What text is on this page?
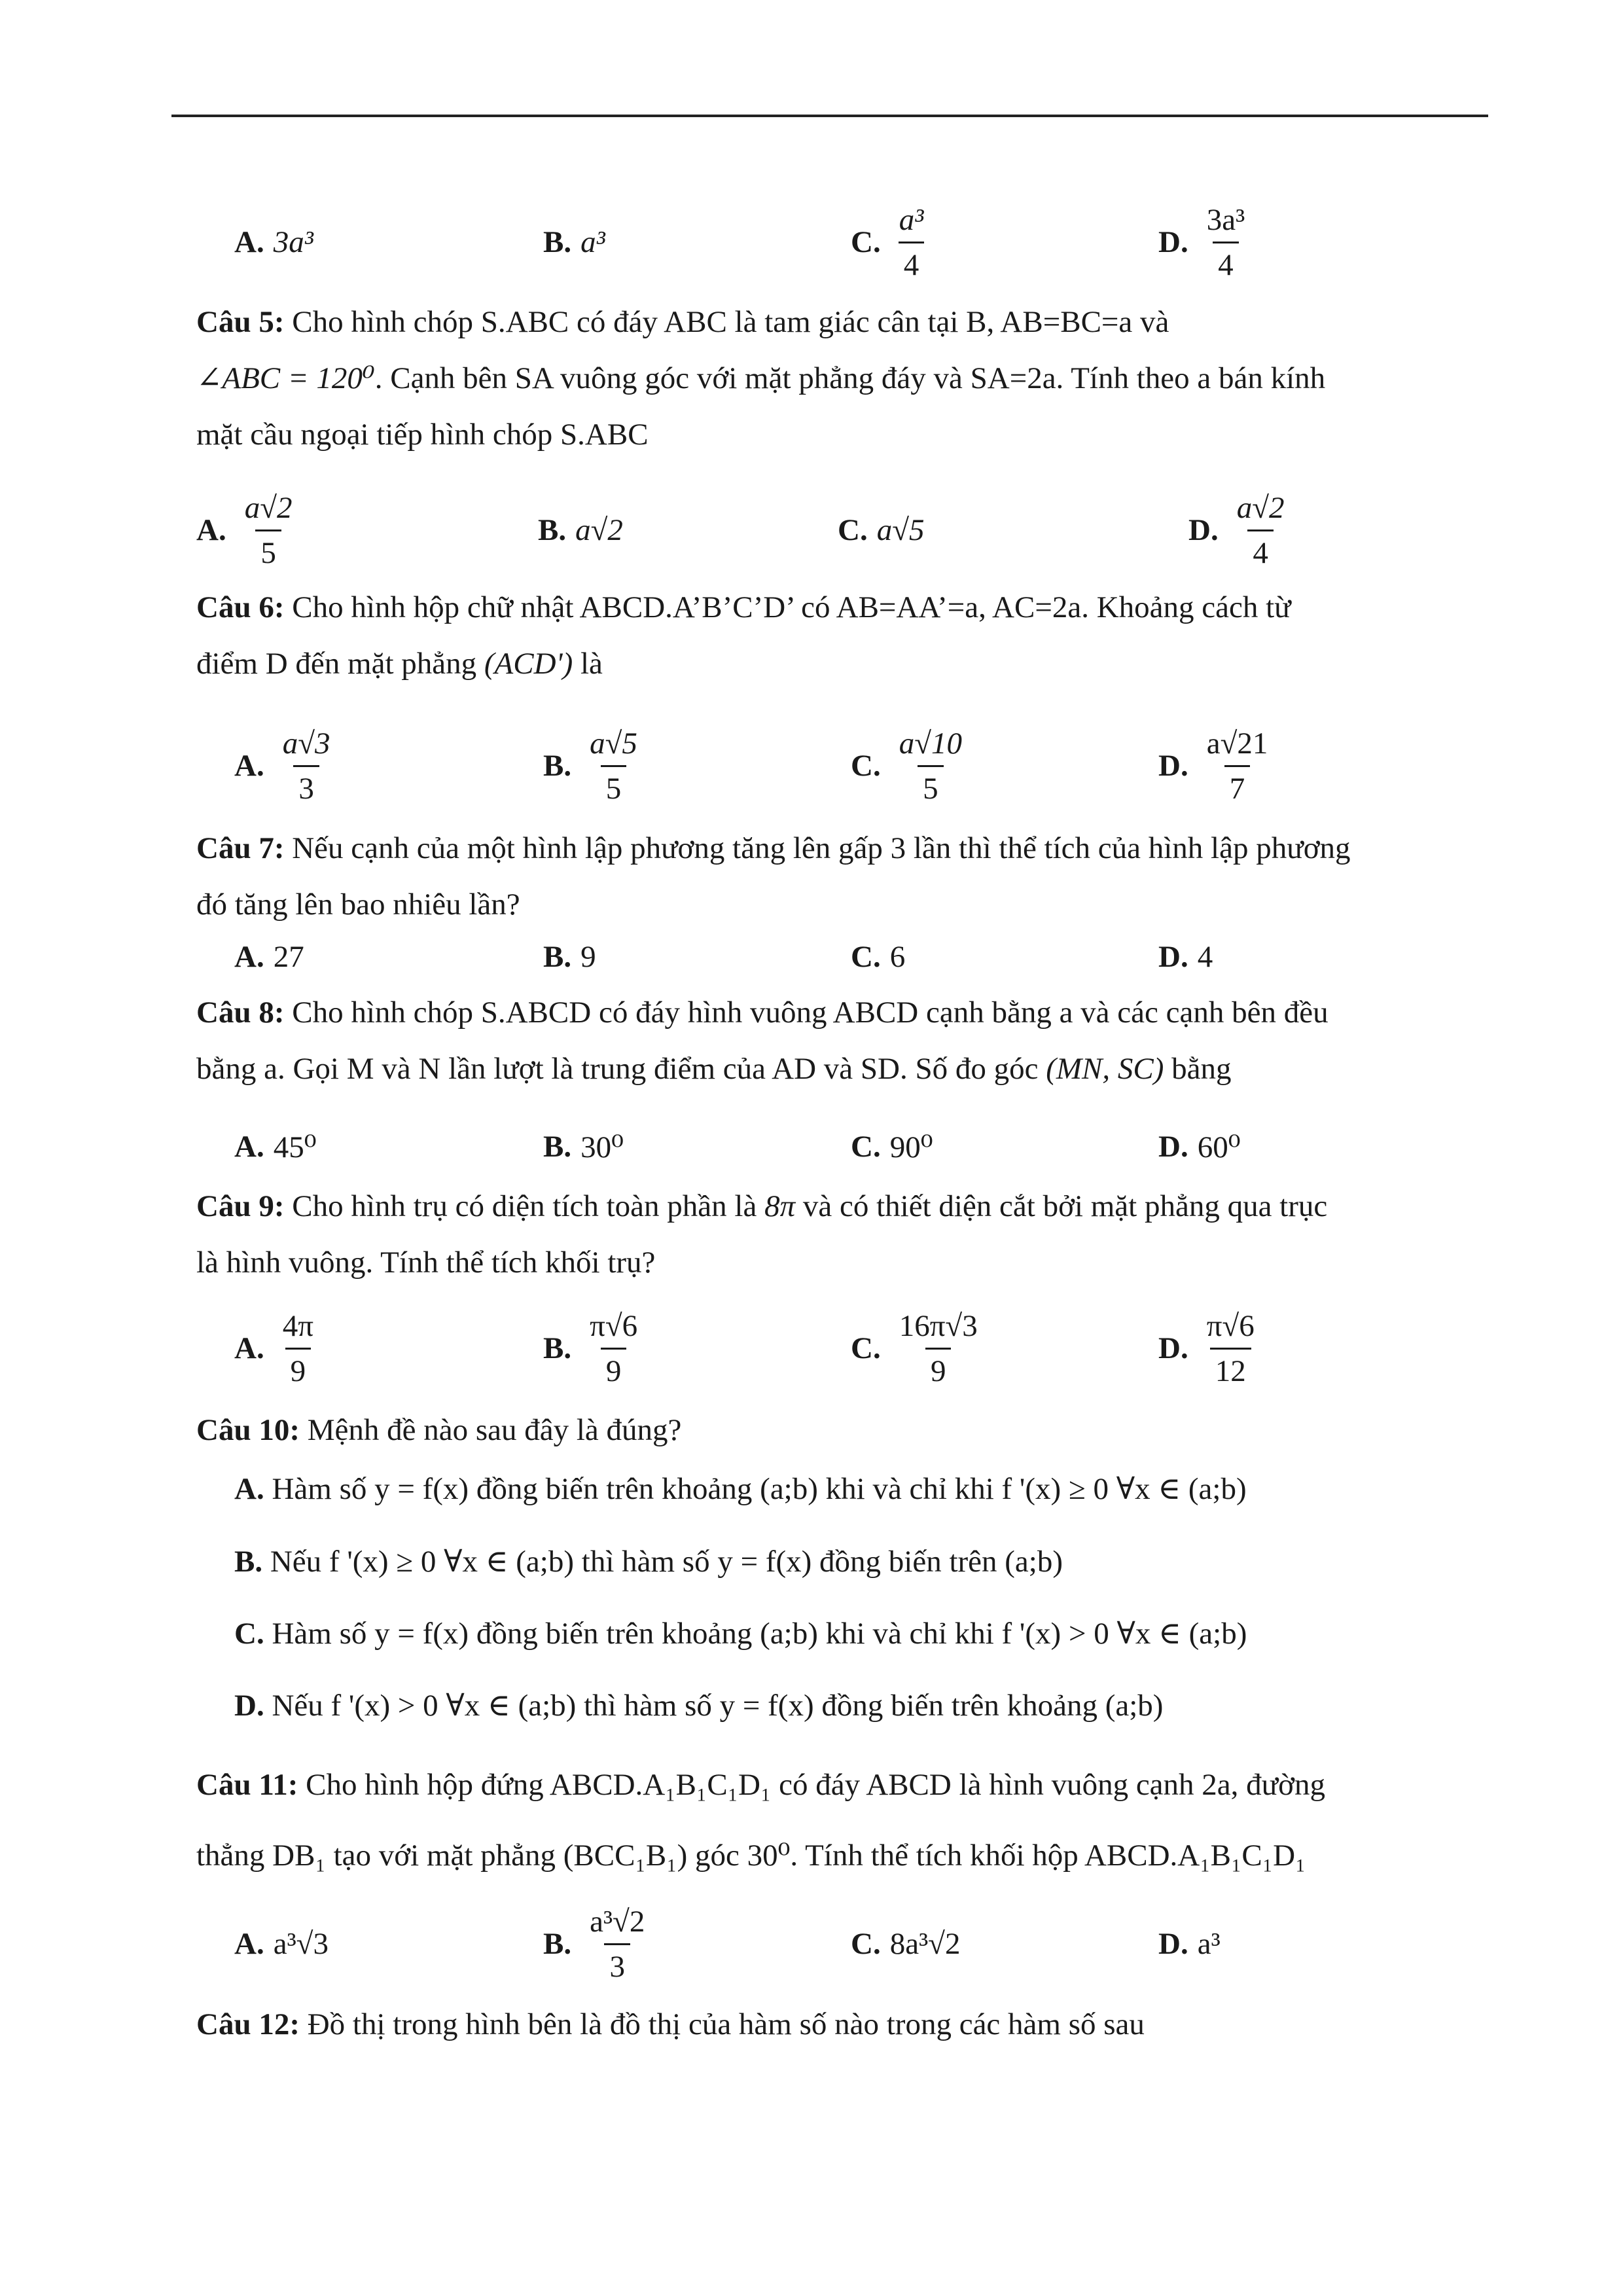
A. 3a³	B. a³	C. $\frac{\text{a³}}{4}$	D. $\frac{\text{3a³}}{4}$
Câu 5: Cho hình chóp S.ABC có đáy ABC là tam giác cân tại B, AB=BC=a và
∠ABC = 120⁰. Cạnh bên SA vuông góc với mặt phẳng đáy và SA=2a. Tính theo a bán kính
mặt cầu ngoại tiếp hình chóp S.ABC
A. $\frac{a√2}{5}$	B. a√2	C. a√5	D. $\frac{a√2}{4}$
Câu 6: Cho hình hộp chữ nhật ABCD.A’B’C’D’ có AB=AA’=a, AC=2a. Khoảng cách từ
điểm D đến mặt phẳng (ACD') là
A. $\frac{a√3}{3}$	B. $\frac{a√5}{5}$	C. $\frac{a√10}{5}$	D. $\frac{a√21}{7}$
Câu 7: Nếu cạnh của một hình lập phương tăng lên gấp 3 lần thì thể tích của hình lập phương
đó tăng lên bao nhiêu lần?
A. 27	B. 9	C. 6	D. 4
Câu 8: Cho hình chóp S.ABCD có đáy hình vuông ABCD cạnh bằng a và các cạnh bên đều
bằng a. Gọi M và N lần lượt là trung điểm của AD và SD. Số đo góc (MN, SC) bằng
A. 45⁰	B. 30⁰	C. 90⁰	D. 60⁰
Câu 9: Cho hình trụ có diện tích toàn phần là 8π và có thiết diện cắt bởi mặt phẳng qua trục
là hình vuông. Tính thể tích khối trụ?
A. $\frac{4\pi}{9}$	B. $\frac{\pi√6}{9}$	C. $\frac{16\pi√3}{9}$	D. $\frac{\pi√6}{12}$
Câu 10: Mệnh đề nào sau đây là đúng?
A. Hàm số y = f(x) đồng biến trên khoảng (a;b) khi và chỉ khi f '(x) ≥ 0 ∀x ∈ (a;b)
B. Nếu f '(x) ≥ 0 ∀x ∈ (a;b) thì hàm số y = f(x) đồng biến trên (a;b)
C. Hàm số y = f(x) đồng biến trên khoảng (a;b) khi và chỉ khi f '(x) > 0 ∀x ∈ (a;b)
D. Nếu f '(x) > 0 ∀x ∈ (a;b) thì hàm số y = f(x) đồng biến trên khoảng (a;b)
Câu 11: Cho hình hộp đứng ABCD.A₁B₁C₁D₁ có đáy ABCD là hình vuông cạnh 2a, đường
thẳng DB₁ tạo với mặt phẳng (BCC₁B₁) góc 30⁰. Tính thể tích khối hộp ABCD.A₁B₁C₁D₁
A. a³√3	B. $\frac{\text{a³√2}}{3}$	C. 8a³√2	D. a³
Câu 12: Đồ thị trong hình bên là đồ thị của hàm số nào trong các hàm số sau
